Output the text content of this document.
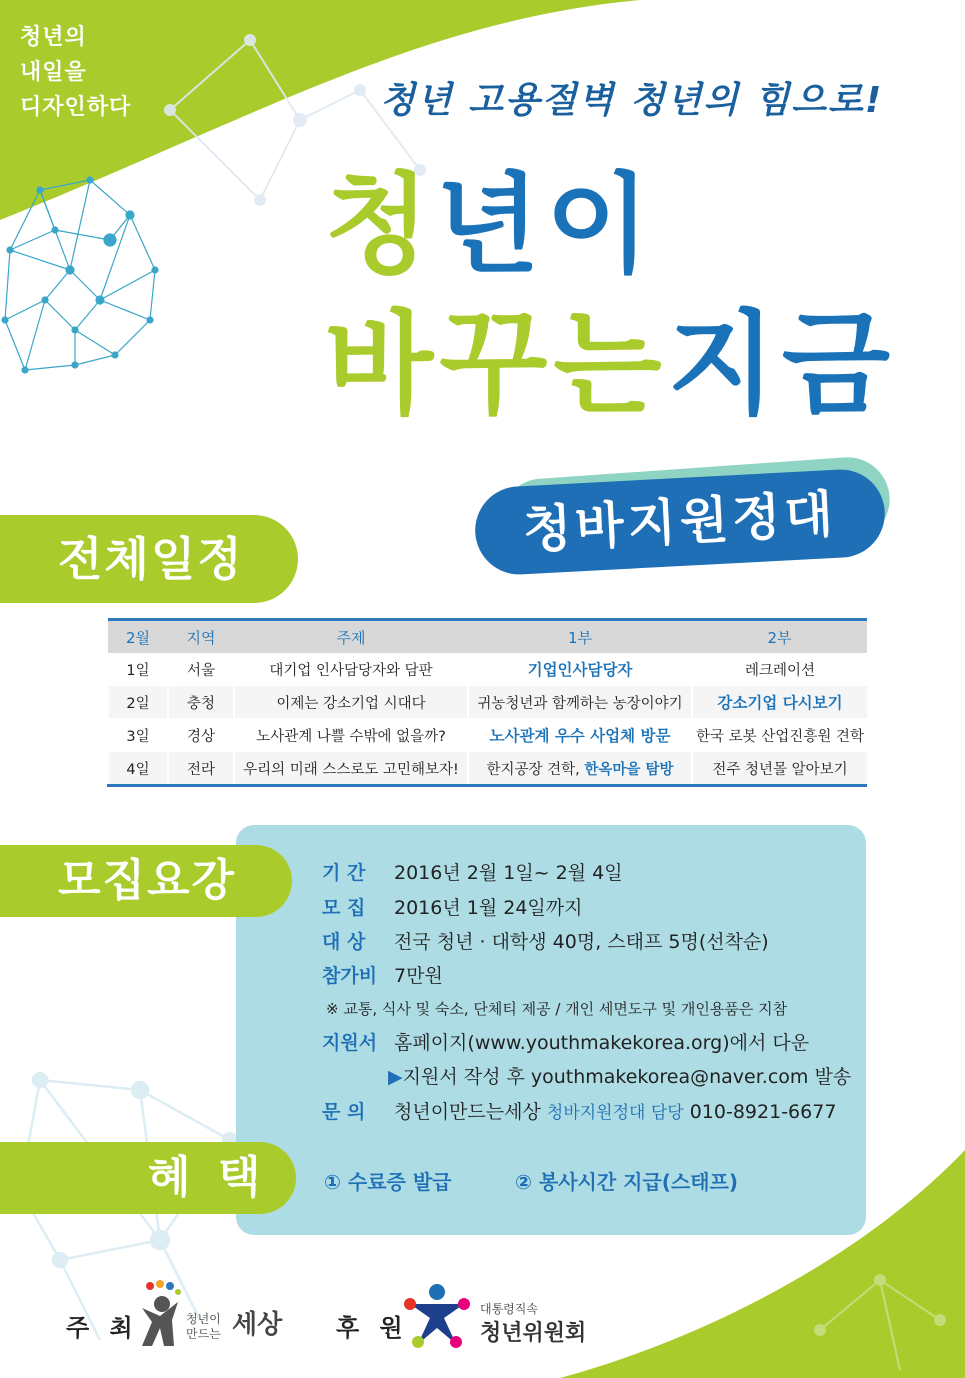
청년의
내일을
디자인하다	청년 고용절벽 청년의 힘으로!
청년이
바꾸는지금
청바지원정대
전체일정
2월	지역	주제	1부	2부
1일	서울	대기업 인사담당자와 담판	기업인사담당자	레크레이션
2일	충청	이제는 강소기업 시대다	귀농청년과 함께하는 농장이야기	강소기업 다시보기
3일	경상	노사관계 나쁠 수밖에 없을까?	노사관계 우수 사업체 방문	한국 로봇 산업진흥원 견학
4일	전라	우리의 미래 스스로도 고민해보자!	한지공장 견학, 한옥마을 탐방	전주 청년몰 알아보기
모집요강	기 간 2016년 2월 1일~ 2월 4일
모 집 2016년 1월 24일까지
대 상 전국 청년 · 대학생 40명, 스태프 5명(선착순)
참가비 7만원
※ 교통, 식사 및 숙소, 단체티 제공 / 개인 세면도구 및 개인용품은 지참
지원서 홈페이지(www.youthmakekorea.org)에서 다운
▶지원서 작성 후 youthmakekorea@naver.com 발송
문 의 청년이만드는세상 청바지원정대 담당 010-8921-6677
혜 택	① 수료증 발급	② 봉사시간 지급(스태프)
주 최	청년이
만드는 세상 후 원
대통령직속
청년위원회
